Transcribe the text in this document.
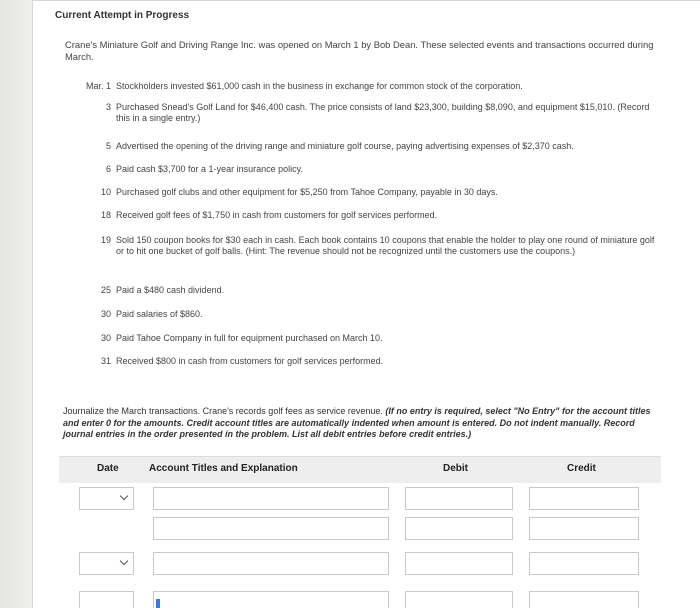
Current Attempt in Progress
Crane's Miniature Golf and Driving Range Inc. was opened on March 1 by Bob Dean. These selected events and transactions occurred during March.
Mar. 1 Stockholders invested $61,000 cash in the business in exchange for common stock of the corporation.
3 Purchased Snead's Golf Land for $46,400 cash. The price consists of land $23,300, building $8,090, and equipment $15,010. (Record this in a single entry.)
5 Advertised the opening of the driving range and miniature golf course, paying advertising expenses of $2,370 cash.
6 Paid cash $3,700 for a 1-year insurance policy.
10 Purchased golf clubs and other equipment for $5,250 from Tahoe Company, payable in 30 days.
18 Received golf fees of $1,750 in cash from customers for golf services performed.
19 Sold 150 coupon books for $30 each in cash. Each book contains 10 coupons that enable the holder to play one round of miniature golf or to hit one bucket of golf balls. (Hint: The revenue should not be recognized until the customers use the coupons.)
25 Paid a $480 cash dividend.
30 Paid salaries of $860.
30 Paid Tahoe Company in full for equipment purchased on March 10.
31 Received $800 in cash from customers for golf services performed.
Journalize the March transactions. Crane's records golf fees as service revenue. (If no entry is required, select "No Entry" for the account titles and enter 0 for the amounts. Credit account titles are automatically indented when amount is entered. Do not indent manually. Record journal entries in the order presented in the problem. List all debit entries before credit entries.)
Date	Account Titles and Explanation	Debit	Credit
